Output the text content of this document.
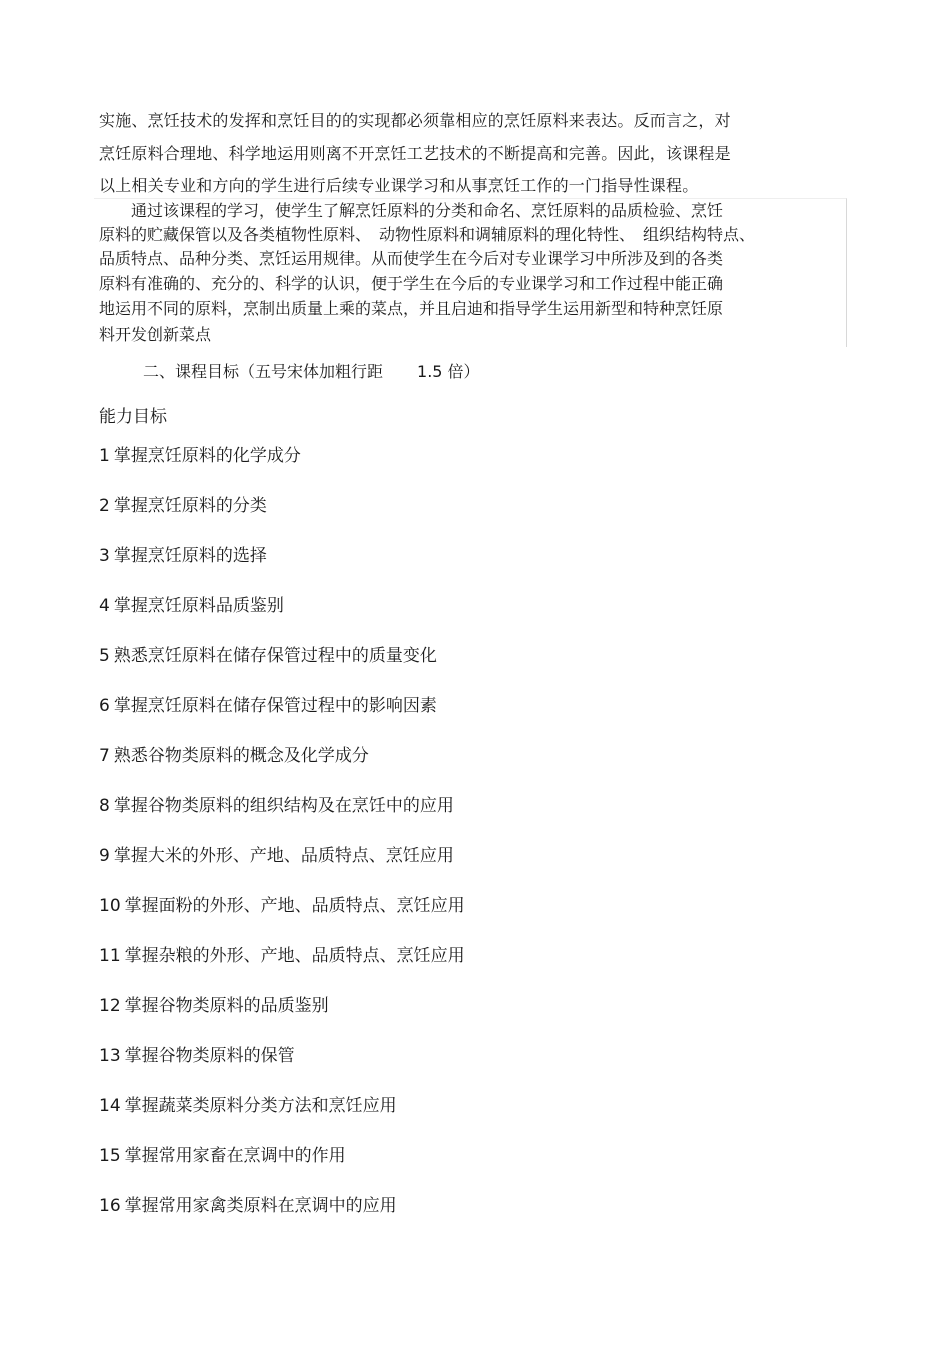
实施、烹饪技术的发挥和烹饪目的的实现都必须靠相应的烹饪原料来表达。反而言之，对
烹饪原料合理地、科学地运用则离不开烹饪工艺技术的不断提高和完善。因此，该课程是
以上相关专业和方向的学生进行后续专业课学习和从事烹饪工作的一门指导性课程。
　　通过该课程的学习，使学生了解烹饪原料的分类和命名、烹饪原料的品质检验、烹饪
原料的贮藏保管以及各类植物性原料、　动物性原料和调辅原料的理化特性、　组织结构特点、
品质特点、品种分类、烹饪运用规律。从而使学生在今后对专业课学习中所涉及到的各类
原料有准确的、充分的、科学的认识，便于学生在今后的专业课学习和工作过程中能正确
地运用不同的原料，烹制出质量上乘的菜点，并且启迪和指导学生运用新型和特种烹饪原
料开发创新菜点
二、课程目标（五号宋体加粗行距 1.5 倍）
能力目标
1 掌握烹饪原料的化学成分
2 掌握烹饪原料的分类
3 掌握烹饪原料的选择
4 掌握烹饪原料品质鉴别
5 熟悉烹饪原料在储存保管过程中的质量变化
6 掌握烹饪原料在储存保管过程中的影响因素
7 熟悉谷物类原料的概念及化学成分
8 掌握谷物类原料的组织结构及在烹饪中的应用
9 掌握大米的外形、产地、品质特点、烹饪应用
10 掌握面粉的外形、产地、品质特点、烹饪应用
11 掌握杂粮的外形、产地、品质特点、烹饪应用
12 掌握谷物类原料的品质鉴别
13 掌握谷物类原料的保管
14 掌握蔬菜类原料分类方法和烹饪应用
15 掌握常用家畜在烹调中的作用
16 掌握常用家禽类原料在烹调中的应用
